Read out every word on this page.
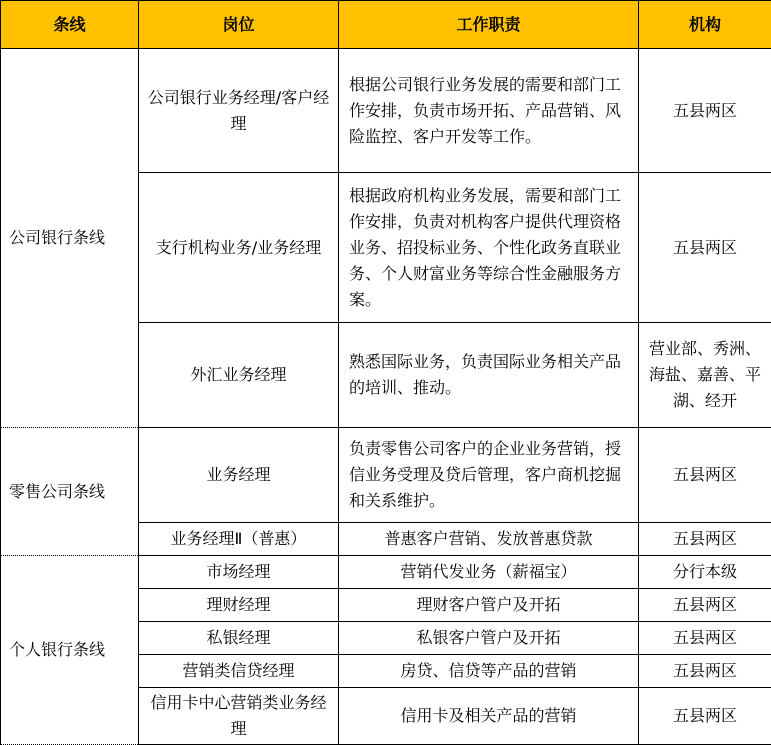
条线	岗位	工作职责	机构
公司银行条线	公司银行业务经理/客户经理	根据公司银行业务发展的需要和部门工作安排，负责市场开拓、产品营销、风险监控、客户开发等工作。	五县两区
	支行机构业务/业务经理	根据政府机构业务发展，需要和部门工作安排，负责对机构客户提供代理资格业务、招投标业务、个性化政务直联业务、个人财富业务等综合性金融服务方案。	五县两区
	外汇业务经理	熟悉国际业务，负责国际业务相关产品的培训、推动。	营业部、秀洲、海盐、嘉善、平湖、经开
零售公司条线	业务经理	负责零售公司客户的企业业务营销，授信业务受理及贷后管理，客户商机挖掘和关系维护。	五县两区
	业务经理Ⅱ（普惠）	普惠客户营销、发放普惠贷款	五县两区
个人银行条线	市场经理	营销代发业务（薪福宝）	分行本级
	理财经理	理财客户管户及开拓	五县两区
	私银经理	私银客户管户及开拓	五县两区
	营销类信贷经理	房贷、信贷等产品的营销	五县两区
	信用卡中心营销类业务经理	信用卡及相关产品的营销	五县两区
